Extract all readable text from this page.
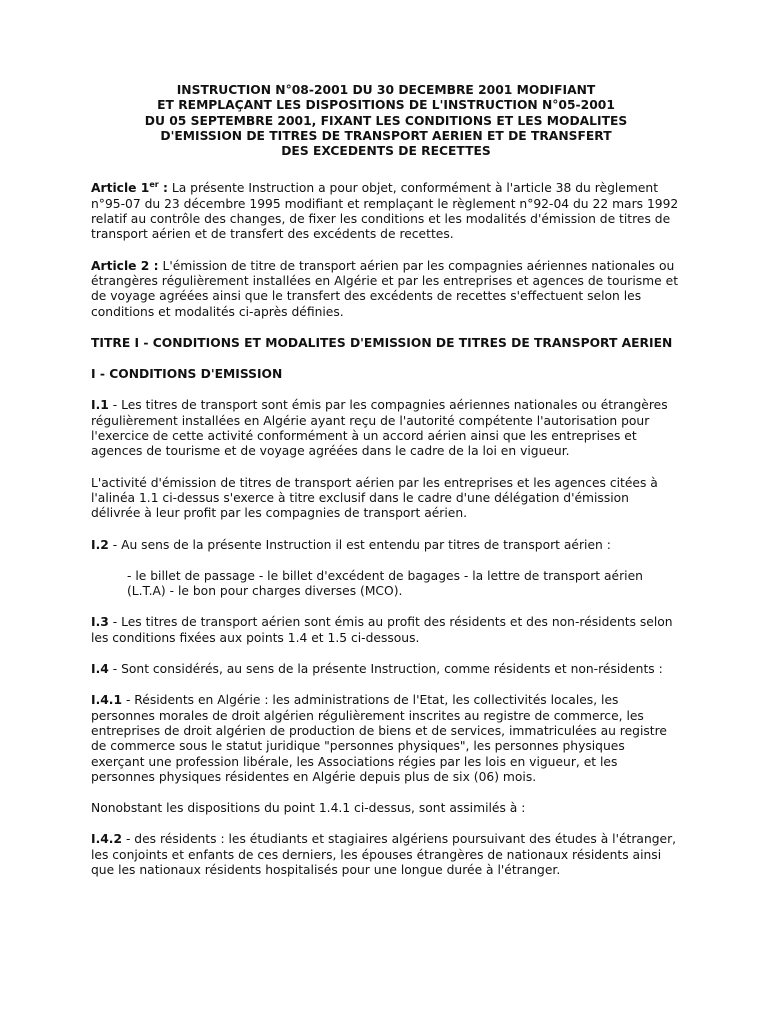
INSTRUCTION N°08-2001 DU 30 DECEMBRE 2001 MODIFIANT
ET REMPLAÇANT LES DISPOSITIONS DE L'INSTRUCTION N°05-2001
DU 05 SEPTEMBRE 2001, FIXANT LES CONDITIONS ET LES MODALITES
D'EMISSION DE TITRES DE TRANSPORT AERIEN ET DE TRANSFERT
DES EXCEDENTS DE RECETTES

Article 1er : La présente Instruction a pour objet, conformément à l'article 38 du règlement n°95-07 du 23 décembre 1995 modifiant et remplaçant le règlement n°92-04 du 22 mars 1992 relatif au contrôle des changes, de fixer les conditions et les modalités d'émission de titres de transport aérien et de transfert des excédents de recettes.

Article 2 : L'émission de titre de transport aérien par les compagnies aériennes nationales ou étrangères régulièrement installées en Algérie et par les entreprises et agences de tourisme et de voyage agréées ainsi que le transfert des excédents de recettes s'effectuent selon les conditions et modalités ci-après définies.

TITRE I - CONDITIONS ET MODALITES D'EMISSION DE TITRES DE TRANSPORT AERIEN
I - CONDITIONS D'EMISSION

I.1 - Les titres de transport sont émis par les compagnies aériennes nationales ou étrangères régulièrement installées en Algérie ayant reçu de l'autorité compétente l'autorisation pour l'exercice de cette activité conformément à un accord aérien ainsi que les entreprises et agences de tourisme et de voyage agréées dans le cadre de la loi en vigueur.

L'activité d'émission de titres de transport aérien par les entreprises et les agences citées à l'alinéa 1.1 ci-dessus s'exerce à titre exclusif dans le cadre d'une délégation d'émission délivrée à leur profit par les compagnies de transport aérien.

I.2 - Au sens de la présente Instruction il est entendu par titres de transport aérien :

- le billet de passage - le billet d'excédent de bagages - la lettre de transport aérien (L.T.A) - le bon pour charges diverses (MCO).

I.3 - Les titres de transport aérien sont émis au profit des résidents et des non-résidents selon les conditions fixées aux points 1.4 et 1.5 ci-dessous.

I.4 - Sont considérés, au sens de la présente Instruction, comme résidents et non-résidents :

I.4.1 - Résidents en Algérie : les administrations de l'Etat, les collectivités locales, les personnes morales de droit algérien régulièrement inscrites au registre de commerce, les entreprises de droit algérien de production de biens et de services, immatriculées au registre de commerce sous le statut juridique "personnes physiques", les personnes physiques exerçant une profession libérale, les Associations régies par les lois en vigueur, et les personnes physiques résidentes en Algérie depuis plus de six (06) mois.

Nonobstant les dispositions du point 1.4.1 ci-dessus, sont assimilés à :

I.4.2 - des résidents : les étudiants et stagiaires algériens poursuivant des études à l'étranger, les conjoints et enfants de ces derniers, les épouses étrangères de nationaux résidents ainsi que les nationaux résidents hospitalisés pour une longue durée à l'étranger.
